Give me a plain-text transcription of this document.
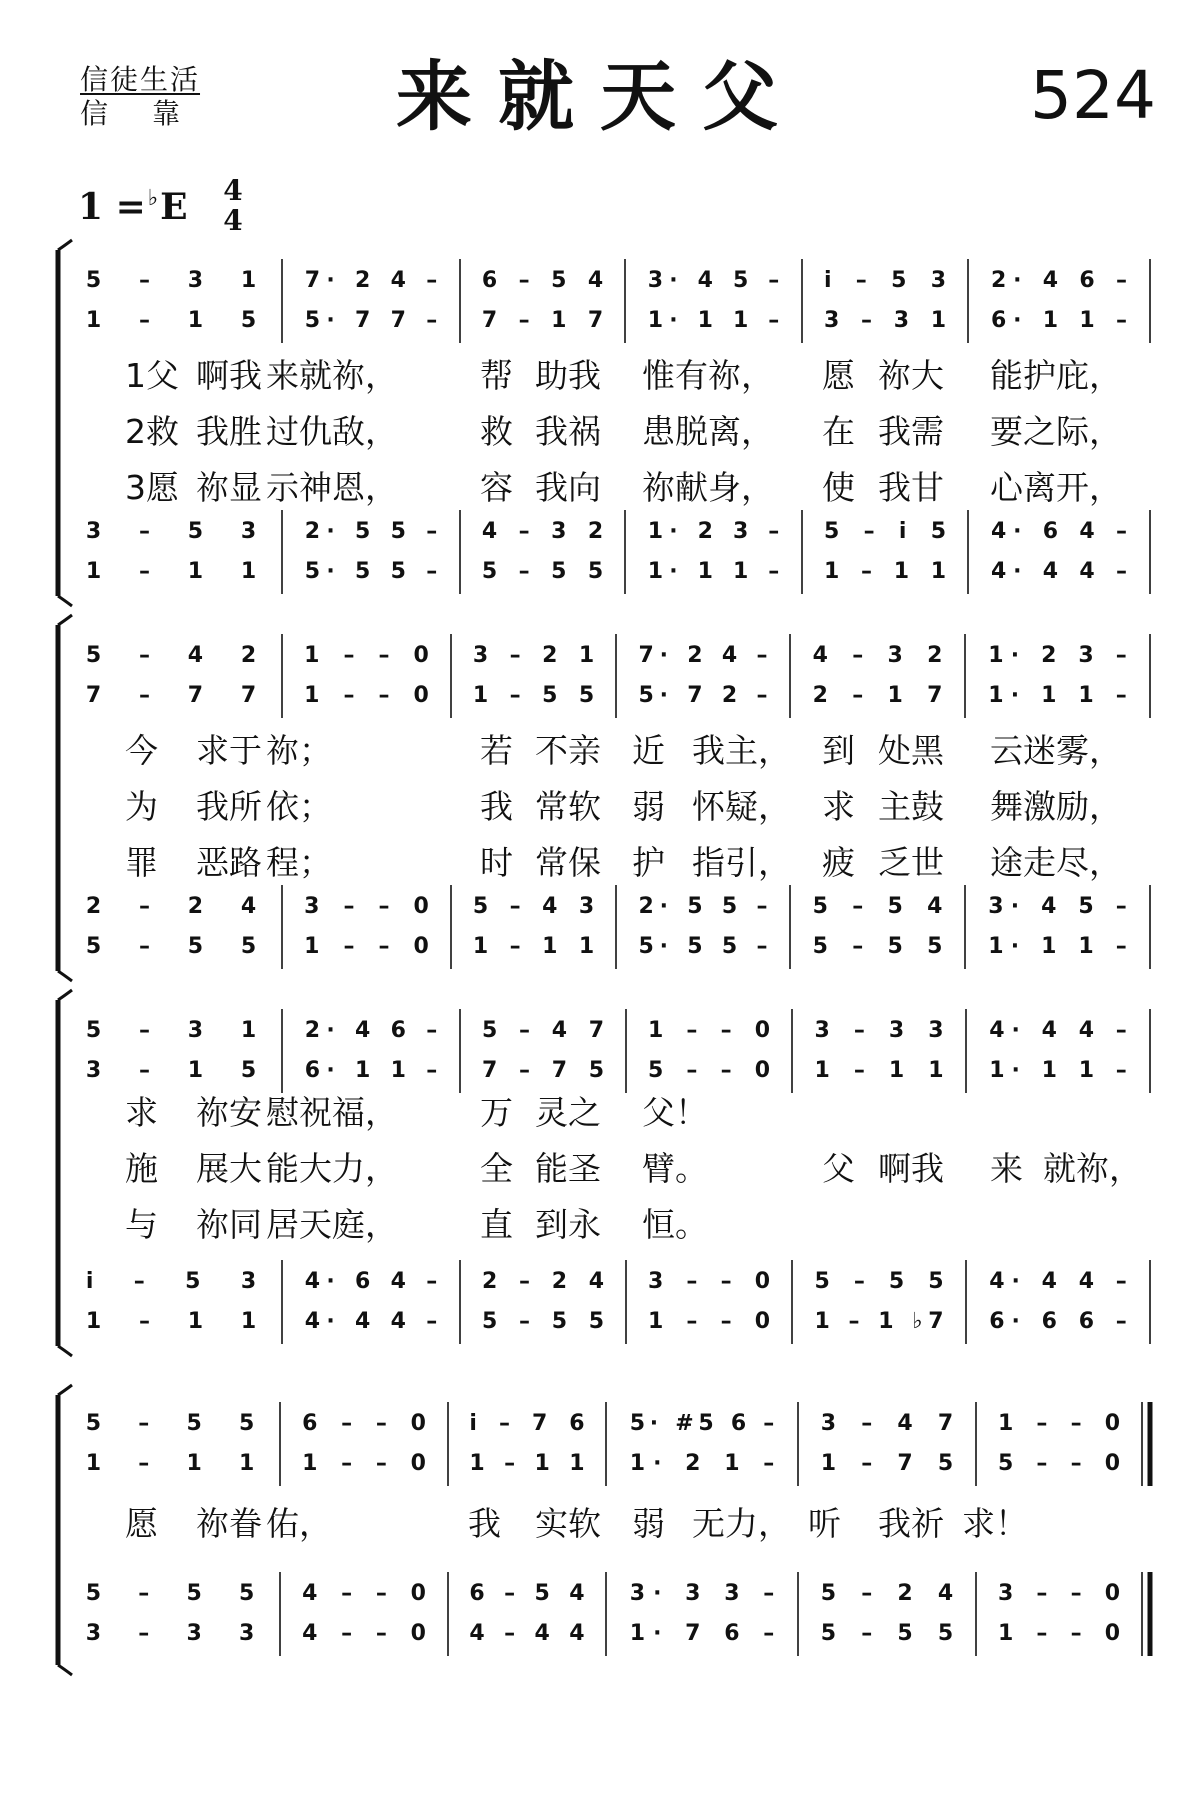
信徒生活
信靠	来就天父	524
1 =♭E 4
4
5 – 3 1 7· 2 4 – 6 – 5 4 3· 4 5 – i – 5 3 2· 4 6 –
1 – 1 5 5· 7 7 – 7 – 1 7 1· 1 1 – 3 – 3 1 6· 1 1 –
3 – 5 3 2· 5 5 – 4 – 3 2 1· 2 3 – 5 – i 5 4· 6 4 –
1 – 1 1 5· 5 5 – 5 – 5 5 1· 1 1 – 1 – 1 1 4· 4 4 –
1父 啊我 来就祢， 帮 助我 惟有祢， 愿 祢大 能护庇，
2救 我胜 过仇敌， 救 我祸 患脱离， 在 我需 要之际，
3愿 祢显 示神恩， 容 我向 祢献身， 使 我甘 心离开，
5 – 4 2 1 – – 0 3 – 2 1 7· 2 4 – 4 – 3 2 1· 2 3 –
7 – 7 7 1 – – 0 1 – 5 5 5· 7 2 – 2 – 1 7 1· 1 1 –
2 – 2 4 3 – – 0 5 – 4 3 2· 5 5 – 5 – 5 4 3· 4 5 –
5 – 5 5 1 – – 0 1 – 1 1 5· 5 5 – 5 – 5 5 1· 1 1 –
今 求于 祢；	若 不亲 近 我主， 到 处黑 云迷雾，
为 我所 依；	我 常软 弱 怀疑， 求 主鼓 舞激励，
罪 恶路 程；	时 常保 护 指引， 疲 乏世 途走尽，
5 – 3 1 2· 4 6 – 5 – 4 7 1 – – 0 3 – 3 3 4· 4 4 –
3 – 1 5 6· 1 1 – 7 – 7 5 5 – – 0 1 – 1 1 1· 1 1 –
i – 5 3 4· 6 4 – 2 – 2 4 3 – – 0 5 – 5 5 4· 4 4 –
1 – 1 1 4· 4 4 – 5 – 5 5 1 – – 0 1 – 1 ♭7 6· 6 6 –
求 祢安 慰祝福， 万 灵之 父！
施 展大 能大力， 全 能圣 臂。	父 啊我 来 就祢，
与 祢同 居天庭， 直 到永 恒。
5 – 5 5 6 – – 0 i – 7 6 5· #5 6 – 3 – 4 7 1 – – 0
1 – 1 1 1 – – 0 1 – 1 1 1· 2 1 – 1 – 7 5 5 – – 0
5 – 5 5 4 – – 0 6 – 5 4 3· 3 3 – 5 – 2 4 3 – – 0
3 – 3 3 4 – – 0 4 – 4 4 1· 7 6 – 5 – 5 5 1 – – 0
愿 祢眷 佑，	我 实软 弱 无力， 听 我祈 求！
